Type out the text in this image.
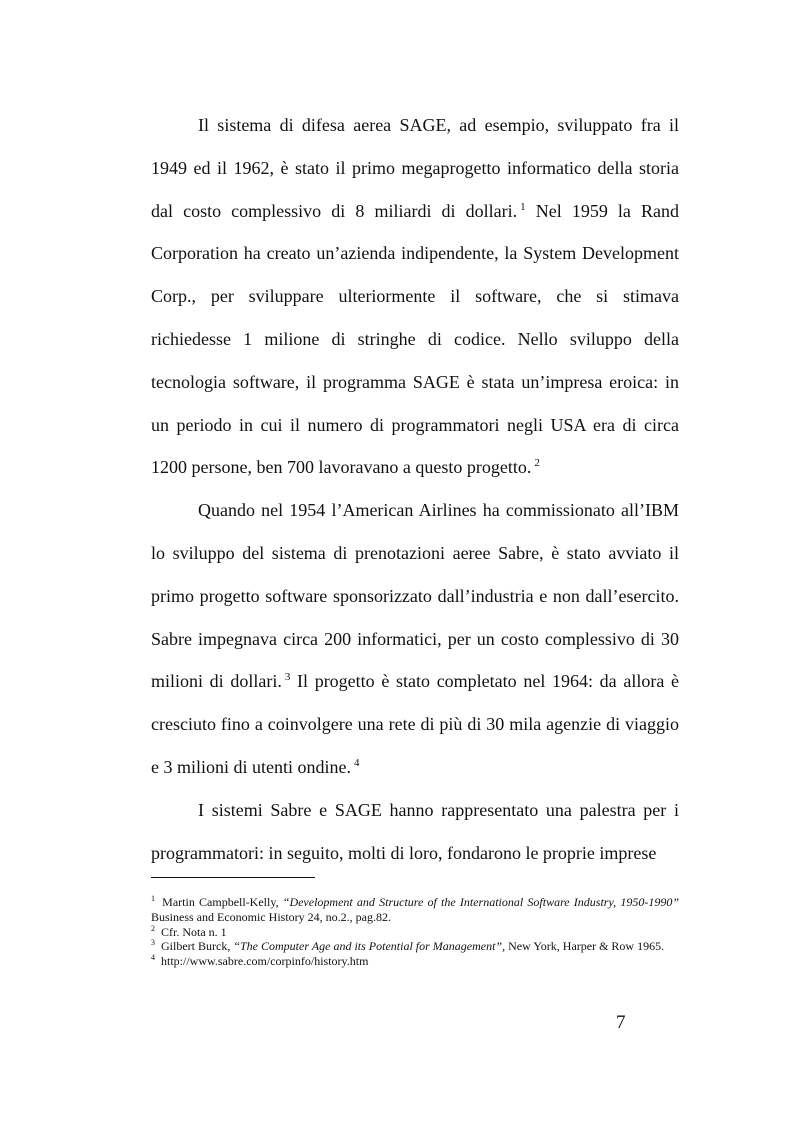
Il sistema di difesa aerea SAGE, ad esempio, sviluppato fra il 1949 ed il 1962, è stato il primo megaprogetto informatico della storia dal costo complessivo di 8 miliardi di dollari. $^1$ Nel 1959 la Rand Corporation ha creato un’azienda indipendente, la System Development Corp., per sviluppare ulteriormente il software, che si stimava richiedesse 1 milione di stringhe di codice. Nello sviluppo della tecnologia software, il programma SAGE è stata un’impresa eroica: in un periodo in cui il numero di programmatori negli USA era di circa 1200 persone, ben 700 lavoravano a questo progetto. $^2$

Quando nel 1954 l’American Airlines ha commissionato all’IBM lo sviluppo del sistema di prenotazioni aeree Sabre, è stato avviato il primo progetto software sponsorizzato dall’industria e non dall’esercito. Sabre impegnava circa 200 informatici, per un costo complessivo di 30 milioni di dollari. $^3$ Il progetto è stato completato nel 1964: da allora è cresciuto fino a coinvolgere una rete di più di 30 mila agenzie di viaggio e 3 milioni di utenti ondine. $^4$

I sistemi Sabre e SAGE hanno rappresentato una palestra per i programmatori: in seguito, molti di loro, fondarono le proprie imprese

$^1$ Martin Campbell-Kelly, “Development and Structure of the International Software Industry, 1950-1990” Business and Economic History 24, no.2., pag.82.

$^2$ Cfr. Nota n. 1

$^3$ Gilbert Burck, “The Computer Age and its Potential for Management”, New York, Harper & Row 1965.

$^4$ http://www.sabre.com/corpinfo/history.htm

7
